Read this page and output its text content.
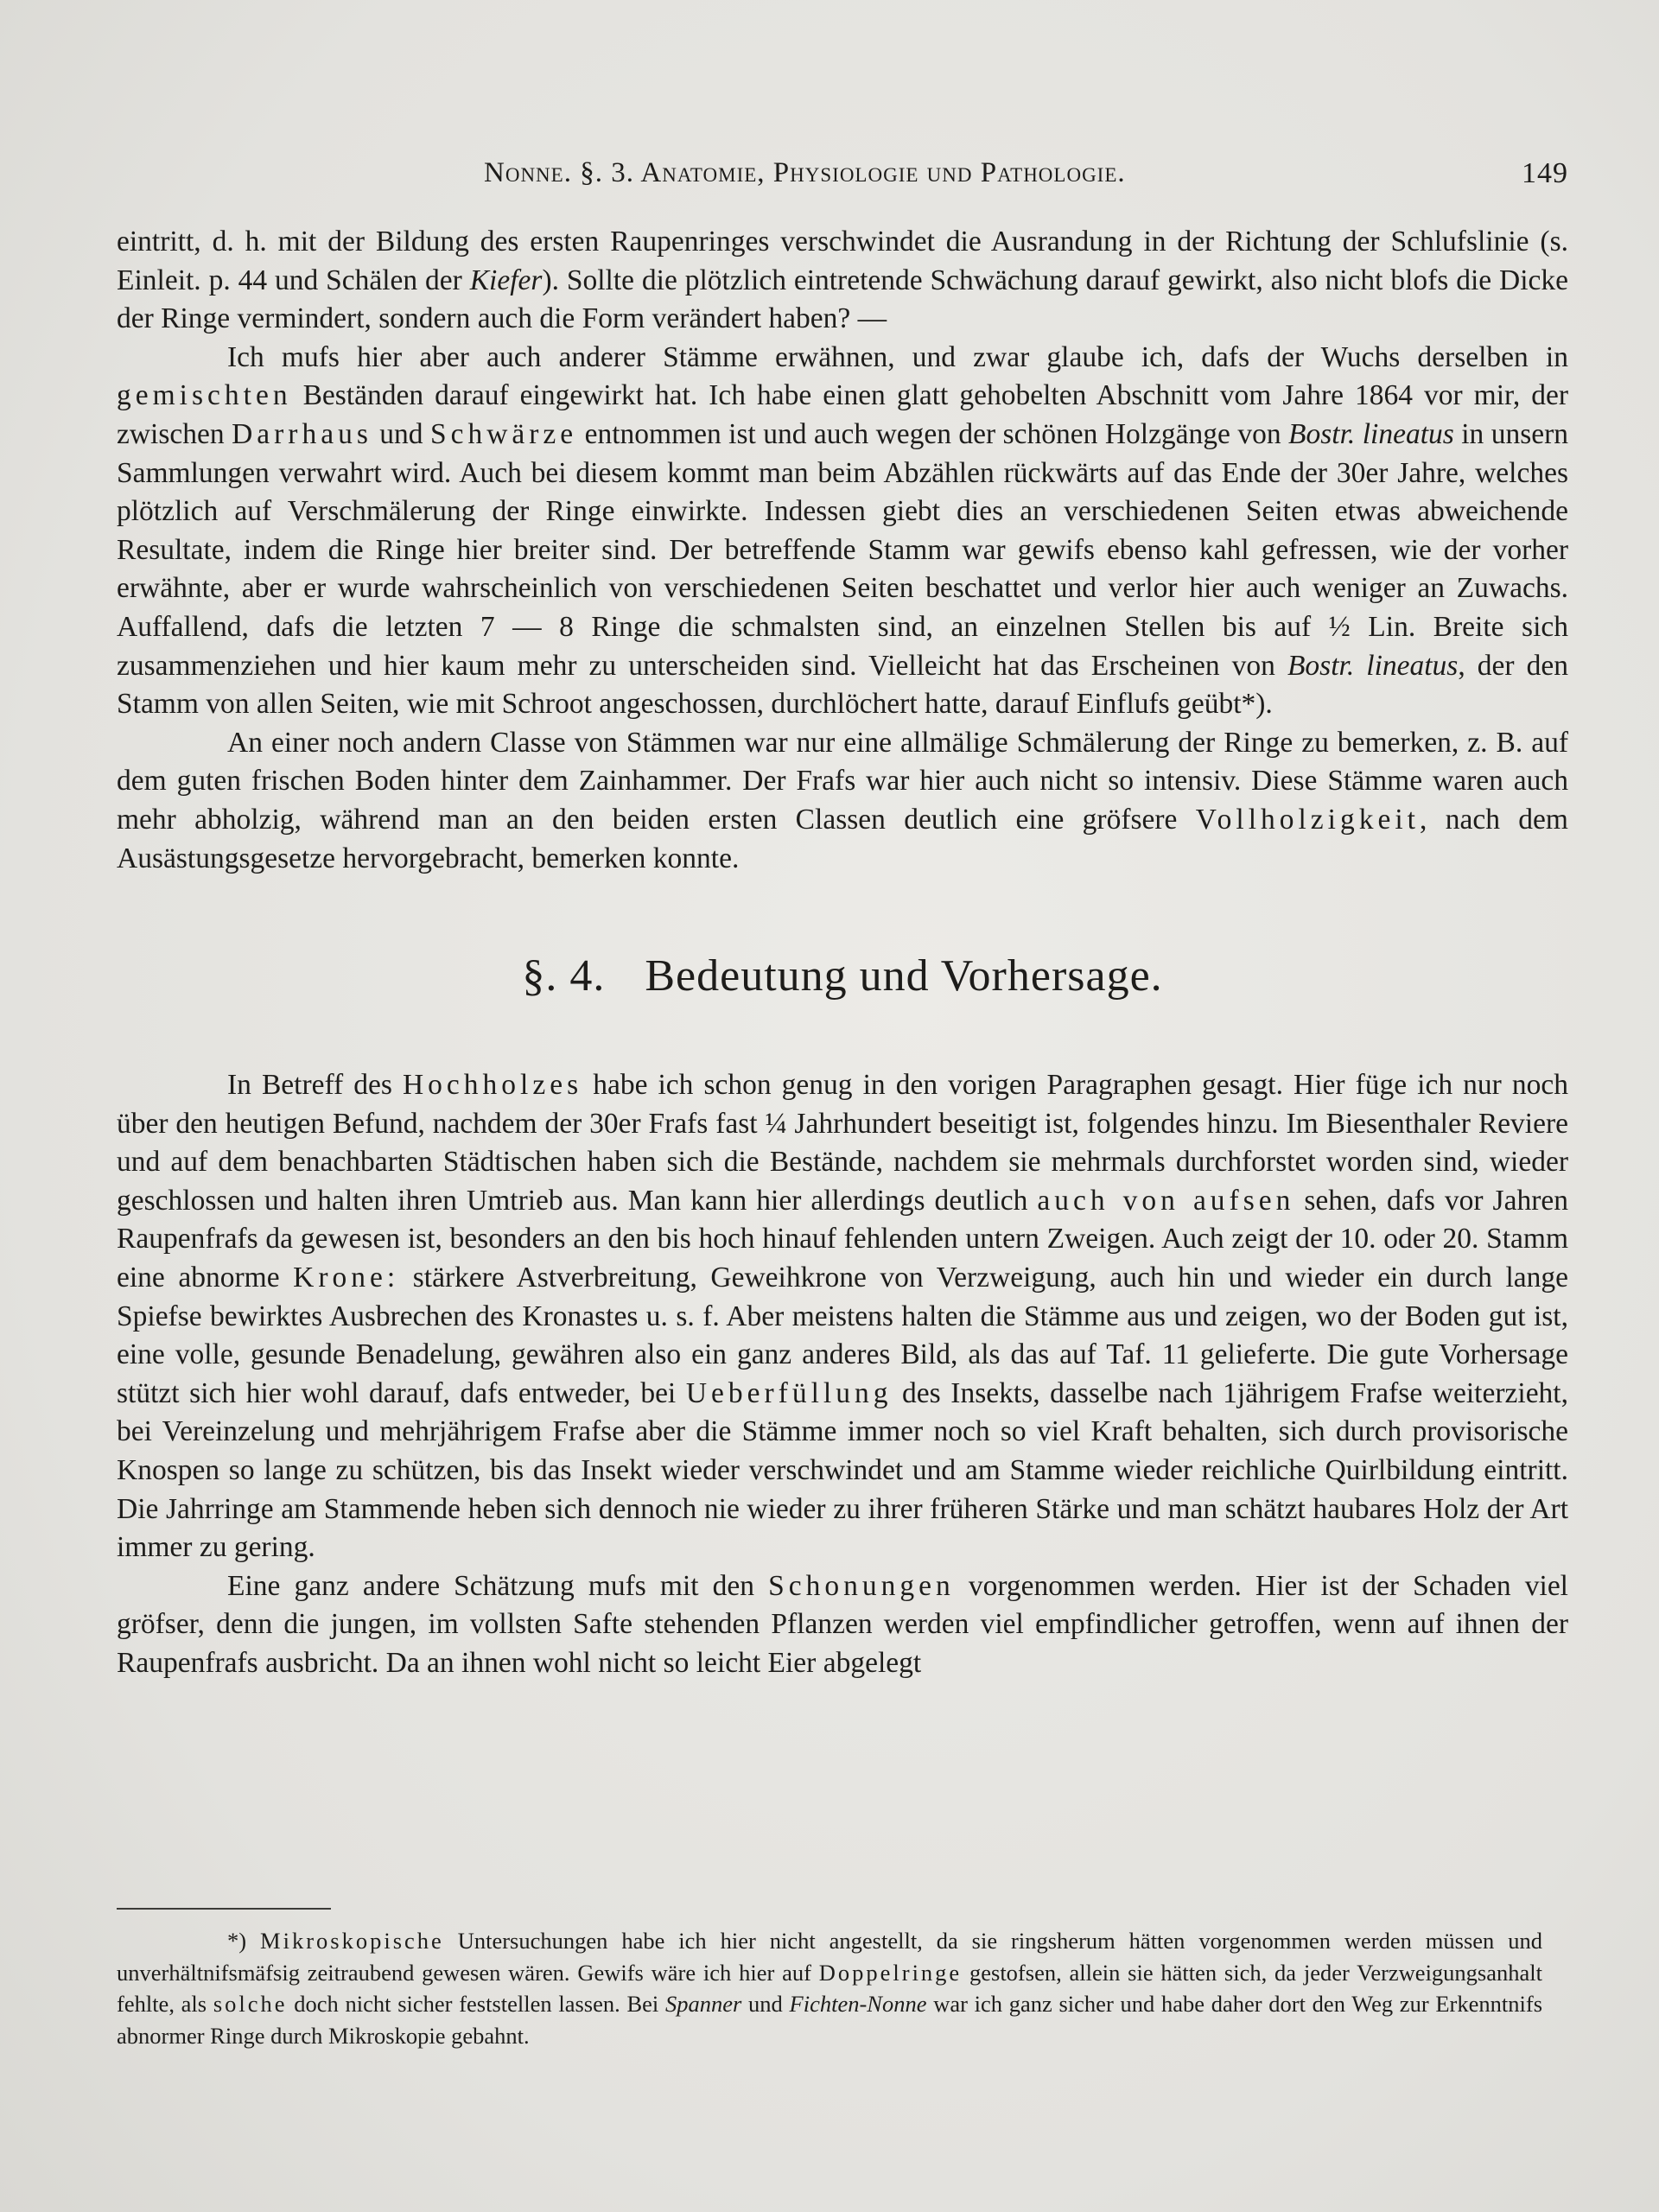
Nonne. §. 3. Anatomie, Physiologie und Pathologie.	149

eintritt, d. h. mit der Bildung des ersten Raupenringes verschwindet die Ausrandung in der Richtung der Schlufslinie (s. Einleit. p. 44 und Schälen der Kiefer). Sollte die plötzlich eintretende Schwächung darauf gewirkt, also nicht blofs die Dicke der Ringe vermindert, sondern auch die Form verändert haben? —

Ich mufs hier aber auch anderer Stämme erwähnen, und zwar glaube ich, dafs der Wuchs derselben in gemischten Beständen darauf eingewirkt hat. Ich habe einen glatt gehobelten Abschnitt vom Jahre 1864 vor mir, der zwischen Darrhaus und Schwärze entnommen ist und auch wegen der schönen Holzgänge von Bostr. lineatus in unsern Sammlungen verwahrt wird. Auch bei diesem kommt man beim Abzählen rückwärts auf das Ende der 30er Jahre, welches plötzlich auf Verschmälerung der Ringe einwirkte. Indessen giebt dies an verschiedenen Seiten etwas abweichende Resultate, indem die Ringe hier breiter sind. Der betreffende Stamm war gewifs ebenso kahl gefressen, wie der vorher erwähnte, aber er wurde wahrscheinlich von verschiedenen Seiten beschattet und verlor hier auch weniger an Zuwachs. Auffallend, dafs die letzten 7 — 8 Ringe die schmalsten sind, an einzelnen Stellen bis auf ½ Lin. Breite sich zusammenziehen und hier kaum mehr zu unterscheiden sind. Vielleicht hat das Erscheinen von Bostr. lineatus, der den Stamm von allen Seiten, wie mit Schroot angeschossen, durchlöchert hatte, darauf Einflufs geübt*).

An einer noch andern Classe von Stämmen war nur eine allmälige Schmälerung der Ringe zu bemerken, z. B. auf dem guten frischen Boden hinter dem Zainhammer. Der Frafs war hier auch nicht so intensiv. Diese Stämme waren auch mehr abholzig, während man an den beiden ersten Classen deutlich eine gröfsere Vollholzigkeit, nach dem Ausästungsgesetze hervorgebracht, bemerken konnte.

§. 4. Bedeutung und Vorhersage.

In Betreff des Hochholzes habe ich schon genug in den vorigen Paragraphen gesagt. Hier füge ich nur noch über den heutigen Befund, nachdem der 30er Frafs fast ¼ Jahrhundert beseitigt ist, folgendes hinzu. Im Biesenthaler Reviere und auf dem benachbarten Städtischen haben sich die Bestände, nachdem sie mehrmals durchforstet worden sind, wieder geschlossen und halten ihren Umtrieb aus. Man kann hier allerdings deutlich auch von aufsen sehen, dafs vor Jahren Raupenfrafs da gewesen ist, besonders an den bis hoch hinauf fehlenden untern Zweigen. Auch zeigt der 10. oder 20. Stamm eine abnorme Krone: stärkere Astverbreitung, Geweihkrone von Verzweigung, auch hin und wieder ein durch lange Spiefse bewirktes Ausbrechen des Kronastes u. s. f. Aber meistens halten die Stämme aus und zeigen, wo der Boden gut ist, eine volle, gesunde Benadelung, gewähren also ein ganz anderes Bild, als das auf Taf. 11 gelieferte. Die gute Vorhersage stützt sich hier wohl darauf, dafs entweder, bei Ueberfüllung des Insekts, dasselbe nach 1jährigem Frafse weiterzieht, bei Vereinzelung und mehrjährigem Frafse aber die Stämme immer noch so viel Kraft behalten, sich durch provisorische Knospen so lange zu schützen, bis das Insekt wieder verschwindet und am Stamme wieder reichliche Quirlbildung eintritt. Die Jahrringe am Stammende heben sich dennoch nie wieder zu ihrer früheren Stärke und man schätzt haubares Holz der Art immer zu gering.

Eine ganz andere Schätzung mufs mit den Schonungen vorgenommen werden. Hier ist der Schaden viel gröfser, denn die jungen, im vollsten Safte stehenden Pflanzen werden viel empfindlicher getroffen, wenn auf ihnen der Raupenfrafs ausbricht. Da an ihnen wohl nicht so leicht Eier abgelegt

*) Mikroskopische Untersuchungen habe ich hier nicht angestellt, da sie ringsherum hätten vorgenommen werden müssen und unverhältnifsmäfsig zeitraubend gewesen wären. Gewifs wäre ich hier auf Doppelringe gestofsen, allein sie hätten sich, da jeder Verzweigungsanhalt fehlte, als solche doch nicht sicher feststellen lassen. Bei Spanner und Fichten-Nonne war ich ganz sicher und habe daher dort den Weg zur Erkenntnifs abnormer Ringe durch Mikroskopie gebahnt.
